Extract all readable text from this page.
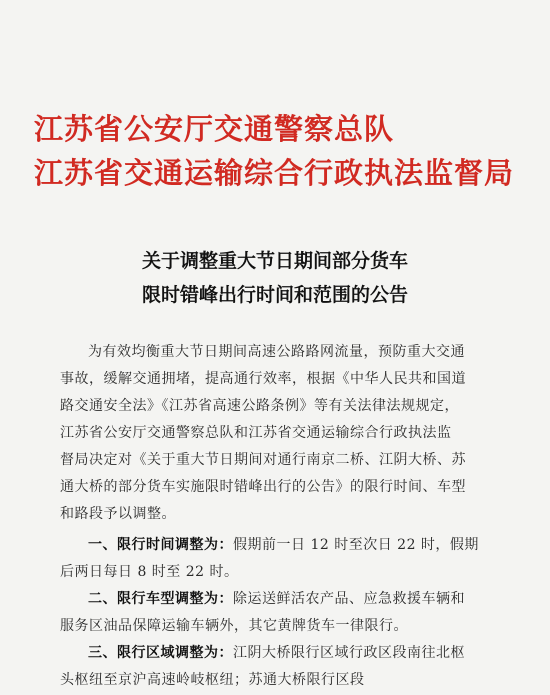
江苏省公安厅交通警察总队
江苏省交通运输综合行政执法监督局
关于调整重大节日期间部分货车
限时错峰出行时间和范围的公告
为有效均衡重大节日期间高速公路路网流量，预防重大交通
事故，缓解交通拥堵，提高通行效率，根据《中华人民共和国道
路交通安全法》《江苏省高速公路条例》等有关法律法规规定，
江苏省公安厅交通警察总队和江苏省交通运输综合行政执法监
督局决定对《关于重大节日期间对通行南京二桥、江阴大桥、苏
通大桥的部分货车实施限时错峰出行的公告》的限行时间、车型
和路段予以调整。
一、限行时间调整为：假期前一日 12 时至次日 22 时，假期
后两日每日 8 时至 22 时。
二、限行车型调整为：除运送鲜活农产品、应急救援车辆和
服务区油品保障运输车辆外，其它黄牌货车一律限行。
三、限行区域调整为：江阴大桥限行区域行政区段南往北枢
头枢纽至京沪高速岭岐枢纽；苏通大桥限行区段
